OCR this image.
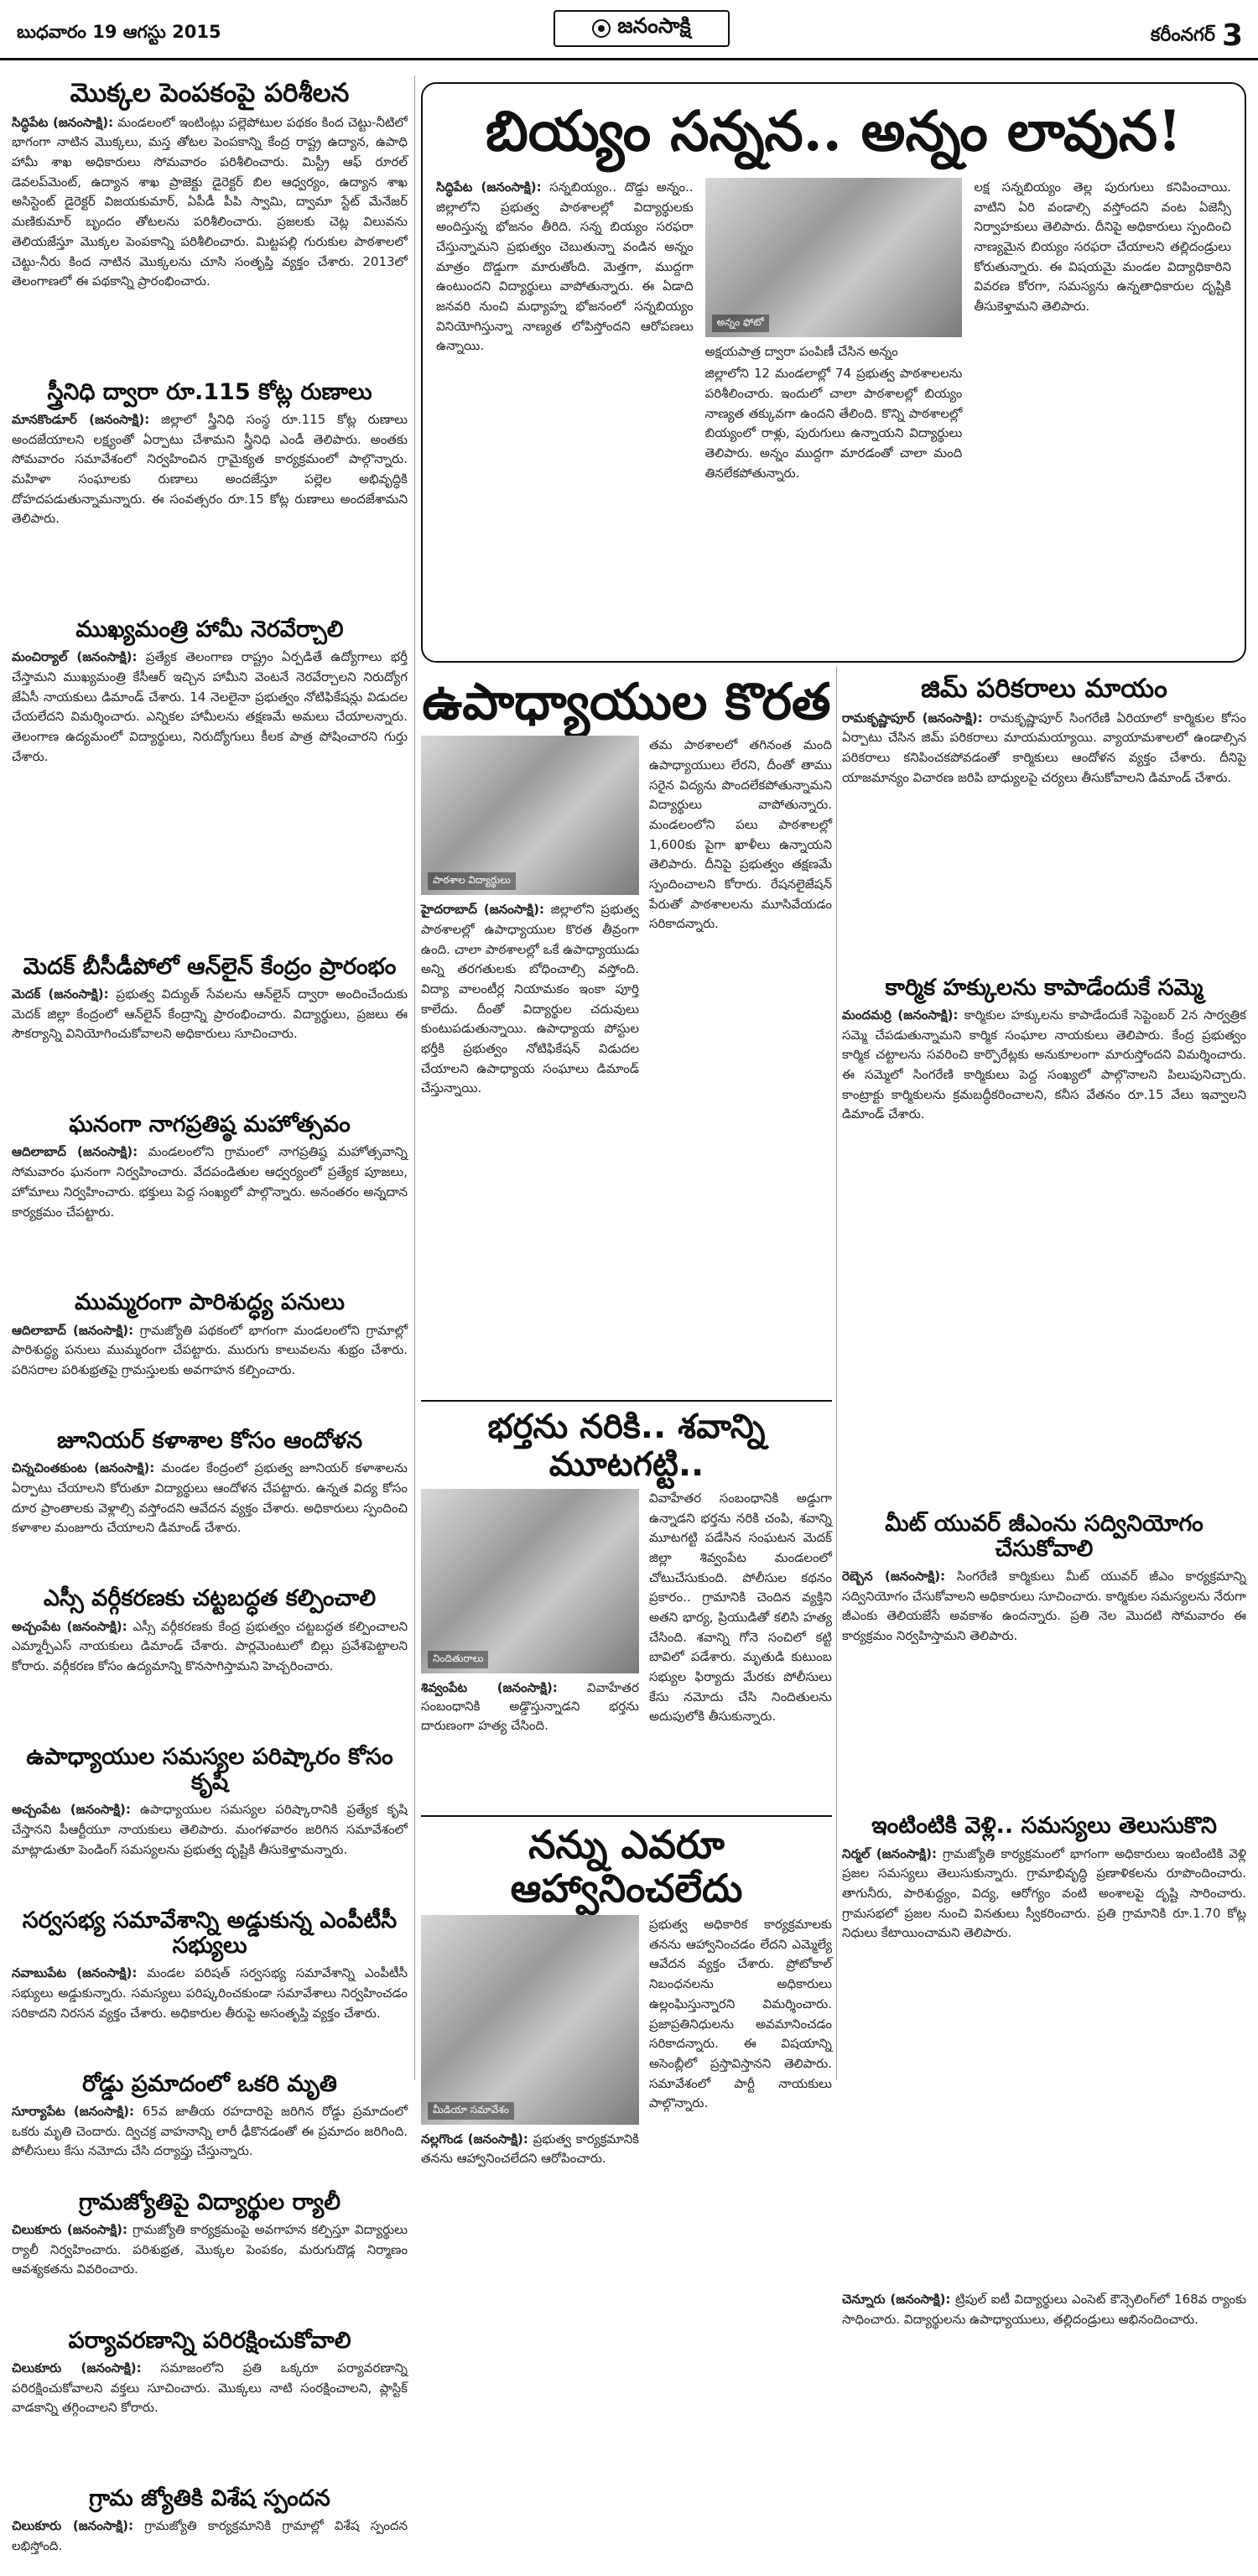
బుధవారం 19 ఆగస్టు 2015	జనంసాక్షి	కరీంనగర్ 3
మొక్కల పెంపకంపై పరిశీలన
సిద్ధిపేట (జనంసాక్షి): మండలంలో ఇంటింట్లు పల్లెపోటుల పథకం కింద చెట్టు-నీటిలో భాగంగా నాటిన మొక్కలు, మస్త తోటల పెంపకాన్ని కేంద్ర రాష్ట్ర ఉద్యాన, ఉపాధి హామీ శాఖ అధికారులు సోమవారం పరిశీలించారు. మిస్ట్రీ ఆఫ్ రూరల్ డెవలప్‌మెంట్, ఉద్యాన శాఖ ప్రాజెక్టు డైరెక్టర్ బిల ఆధ్వర్యం, ఉద్యాన శాఖ అసిస్టెంట్ డైరెక్టర్ విజయకుమార్, ఏపీడీ పీపి స్వామి, ద్వామా స్టేట్ మేనేజర్ మణికుమార్ బృందం తోటలను పరిశీలించారు. ప్రజలకు చెట్ల విలువను తెలియజేస్తూ మొక్కల పెంపకాన్ని పరిశీలించారు. మిట్టపల్లి గురుకుల పాఠశాలలో చెట్టు-నీరు కింద నాటిన మొక్కలను చూసి సంతృప్తి వ్యక్తం చేశారు. 2013లో తెలంగాణలో ఈ పథకాన్ని ప్రారంభించారు.
స్త్రీనిధి ద్వారా రూ.115 కోట్ల రుణాలు
మానకొండూర్ (జనంసాక్షి): జిల్లాలో స్త్రీనిధి సంస్థ రూ.115 కోట్ల రుణాలు అందజేయాలని లక్ష్యంతో ఏర్పాటు చేశామని స్త్రీనిధి ఎండీ తెలిపారు. అంతకు సోమవారం సమావేశంలో నిర్వహించిన గ్రామైక్యత కార్యక్రమంలో పాల్గొన్నారు. మహిళా సంఘాలకు రుణాలు అందజేస్తూ పల్లెల అభివృద్ధికి దోహదపడుతున్నామన్నారు. ఈ సంవత్సరం రూ.15 కోట్ల రుణాలు అందజేశామని తెలిపారు.
ముఖ్యమంత్రి హామీ నెరవేర్చాలి
మంచిర్యాల్ (జనంసాక్షి): ప్రత్యేక తెలంగాణ రాష్ట్రం ఏర్పడితే ఉద్యోగాలు భర్తీ చేస్తామని ముఖ్యమంత్రి కేసీఆర్ ఇచ్చిన హామీని వెంటనే నెరవేర్చాలని నిరుద్యోగ జేఏసీ నాయకులు డిమాండ్ చేశారు. 14 నెలలైనా ప్రభుత్వం నోటిఫికేషన్లు విడుదల చేయలేదని విమర్శించారు. ఎన్నికల హామీలను తక్షణమే అమలు చేయాలన్నారు. తెలంగాణ ఉద్యమంలో విద్యార్థులు, నిరుద్యోగులు కీలక పాత్ర పోషించారని గుర్తు చేశారు.
మెదక్ బీసీడీపోలో ఆన్‌లైన్ కేంద్రం ప్రారంభం
మెదక్ (జనంసాక్షి): ప్రభుత్వ విద్యుత్ సేవలను ఆన్‌లైన్ ద్వారా అందించేందుకు మెదక్ జిల్లా కేంద్రంలో ఆన్‌లైన్ కేంద్రాన్ని ప్రారంభించారు. విద్యార్థులు, ప్రజలు ఈ సౌకర్యాన్ని వినియోగించుకోవాలని అధికారులు సూచించారు.
ఘనంగా నాగప్రతిష్ఠ మహోత్సవం
ఆదిలాబాద్ (జనంసాక్షి): మండలంలోని గ్రామంలో నాగప్రతిష్ఠ మహోత్సవాన్ని సోమవారం ఘనంగా నిర్వహించారు. వేదపండితుల ఆధ్వర్యంలో ప్రత్యేక పూజలు, హోమాలు నిర్వహించారు. భక్తులు పెద్ద సంఖ్యలో పాల్గొన్నారు. అనంతరం అన్నదాన కార్యక్రమం చేపట్టారు.
ముమ్మరంగా పారిశుద్ధ్య పనులు
ఆదిలాబాద్ (జనంసాక్షి): గ్రామజ్యోతి పథకంలో భాగంగా మండలంలోని గ్రామాల్లో పారిశుద్ధ్య పనులు ముమ్మరంగా చేపట్టారు. మురుగు కాలువలను శుభ్రం చేశారు. పరిసరాల పరిశుభ్రతపై గ్రామస్తులకు అవగాహన కల్పించారు.
జూనియర్ కళాశాల కోసం ఆందోళన
చిన్నచింతకుంట (జనంసాక్షి): మండల కేంద్రంలో ప్రభుత్వ జూనియర్ కళాశాలను ఏర్పాటు చేయాలని కోరుతూ విద్యార్థులు ఆందోళన చేపట్టారు. ఉన్నత విద్య కోసం దూర ప్రాంతాలకు వెళ్లాల్సి వస్తోందని ఆవేదన వ్యక్తం చేశారు. అధికారులు స్పందించి కళాశాల మంజూరు చేయాలని డిమాండ్ చేశారు.
ఎస్సీ వర్గీకరణకు చట్టబద్ధత కల్పించాలి
అచ్చంపేట (జనంసాక్షి): ఎస్సీ వర్గీకరణకు కేంద్ర ప్రభుత్వం చట్టబద్ధత కల్పించాలని ఎమ్మార్పీఎస్ నాయకులు డిమాండ్ చేశారు. పార్లమెంటులో బిల్లు ప్రవేశపెట్టాలని కోరారు. వర్గీకరణ కోసం ఉద్యమాన్ని కొనసాగిస్తామని హెచ్చరించారు.
ఉపాధ్యాయుల సమస్యల పరిష్కారం కోసం కృషి
అచ్చంపేట (జనంసాక్షి): ఉపాధ్యాయుల సమస్యల పరిష్కారానికి ప్రత్యేక కృషి చేస్తానని పీఆర్టీయూ నాయకులు తెలిపారు. మంగళవారం జరిగిన సమావేశంలో మాట్లాడుతూ పెండింగ్ సమస్యలను ప్రభుత్వ దృష్టికి తీసుకెళ్తామన్నారు.
సర్వసభ్య సమావేశాన్ని అడ్డుకున్న ఎంపీటీసీ సభ్యులు
నవాబుపేట (జనంసాక్షి): మండల పరిషత్ సర్వసభ్య సమావేశాన్ని ఎంపీటీసీ సభ్యులు అడ్డుకున్నారు. సమస్యలు పరిష్కరించకుండా సమావేశాలు నిర్వహించడం సరికాదని నిరసన వ్యక్తం చేశారు. అధికారుల తీరుపై అసంతృప్తి వ్యక్తం చేశారు.
రోడ్డు ప్రమాదంలో ఒకరి మృతి
సూర్యాపేట (జనంసాక్షి): 65వ జాతీయ రహదారిపై జరిగిన రోడ్డు ప్రమాదంలో ఒకరు మృతి చెందారు. ద్విచక్ర వాహనాన్ని లారీ ఢీకొనడంతో ఈ ప్రమాదం జరిగింది. పోలీసులు కేసు నమోదు చేసి దర్యాప్తు చేస్తున్నారు.
గ్రామజ్యోతిపై విద్యార్థుల ర్యాలీ
చిలుకూరు (జనంసాక్షి): గ్రామజ్యోతి కార్యక్రమంపై అవగాహన కల్పిస్తూ విద్యార్థులు ర్యాలీ నిర్వహించారు. పరిశుభ్రత, మొక్కల పెంపకం, మరుగుదొడ్ల నిర్మాణం ఆవశ్యకతను వివరించారు.
పర్యావరణాన్ని పరిరక్షించుకోవాలి
చిలుకూరు (జనంసాక్షి): సమాజంలోని ప్రతి ఒక్కరూ పర్యావరణాన్ని పరిరక్షించుకోవాలని వక్తలు సూచించారు. మొక్కలు నాటి సంరక్షించాలని, ప్లాస్టిక్ వాడకాన్ని తగ్గించాలని కోరారు.
గ్రామ జ్యోతికి విశేష స్పందన
చిలుకూరు (జనంసాక్షి): గ్రామజ్యోతి కార్యక్రమానికి గ్రామాల్లో విశేష స్పందన లభిస్తోంది.
బియ్యం సన్నన.. అన్నం లావున!
సిద్ధిపేట (జనంసాక్షి): సన్నబియ్యం.. దొడ్డు అన్నం.. జిల్లాలోని ప్రభుత్వ పాఠశాలల్లో విద్యార్థులకు అందిస్తున్న భోజనం తీరిది. సన్న బియ్యం సరఫరా చేస్తున్నామని ప్రభుత్వం చెబుతున్నా వండిన అన్నం మాత్రం దొడ్డుగా మారుతోంది. మెత్తగా, ముద్దగా ఉంటుందని విద్యార్థులు వాపోతున్నారు. ఈ ఏడాది జనవరి నుంచి మధ్యాహ్న భోజనంలో సన్నబియ్యం వినియోగిస్తున్నా నాణ్యత లోపిస్తోందని ఆరోపణలు ఉన్నాయి.
అన్నం ఫోటో
అక్షయపాత్ర ద్వారా పంపిణీ చేసిన అన్నం
జిల్లాలోని 12 మండలాల్లో 74 ప్రభుత్వ పాఠశాలలను పరిశీలించారు. ఇందులో చాలా పాఠశాలల్లో బియ్యం నాణ్యత తక్కువగా ఉందని తేలింది. కొన్ని పాఠశాలల్లో బియ్యంలో రాళ్లు, పురుగులు ఉన్నాయని విద్యార్థులు తెలిపారు. అన్నం ముద్దగా మారడంతో చాలా మంది తినలేకపోతున్నారు.
లక్ష సన్నబియ్యం తెల్ల పురుగులు కనిపించాయి. వాటిని ఏరి వండాల్సి వస్తోందని వంట ఏజెన్సీ నిర్వాహకులు తెలిపారు. దీనిపై అధికారులు స్పందించి నాణ్యమైన బియ్యం సరఫరా చేయాలని తల్లిదండ్రులు కోరుతున్నారు. ఈ విషయమై మండల విద్యాధికారిని వివరణ కోరగా, సమస్యను ఉన్నతాధికారుల దృష్టికి తీసుకెళ్తామని తెలిపారు.
ఉపాధ్యాయుల కొరత
పాఠశాల విద్యార్థులు
హైదరాబాద్ (జనంసాక్షి): జిల్లాలోని ప్రభుత్వ పాఠశాలల్లో ఉపాధ్యాయుల కొరత తీవ్రంగా ఉంది. చాలా పాఠశాలల్లో ఒకే ఉపాధ్యాయుడు అన్ని తరగతులకు బోధించాల్సి వస్తోంది. విద్యా వాలంటీర్ల నియామకం ఇంకా పూర్తి కాలేదు. దీంతో విద్యార్థుల చదువులు కుంటుపడుతున్నాయి. ఉపాధ్యాయ పోస్టుల భర్తీకి ప్రభుత్వం నోటిఫికేషన్ విడుదల చేయాలని ఉపాధ్యాయ సంఘాలు డిమాండ్ చేస్తున్నాయి.
తమ పాఠశాలలో తగినంత మంది ఉపాధ్యాయులు లేరని, దీంతో తాము సరైన విద్యను పొందలేకపోతున్నామని విద్యార్థులు వాపోతున్నారు. మండలంలోని పలు పాఠశాలల్లో 1,600కు పైగా ఖాళీలు ఉన్నాయని తెలిపారు. దీనిపై ప్రభుత్వం తక్షణమే స్పందించాలని కోరారు. రేషనలైజేషన్ పేరుతో పాఠశాలలను మూసివేయడం సరికాదన్నారు.
భర్తను నరికి.. శవాన్ని మూటగట్టి..
నిందితురాలు
శివ్వంపేట (జనంసాక్షి): వివాహేతర సంబంధానికి అడ్డొస్తున్నాడని భర్తను దారుణంగా హత్య చేసింది.
వివాహేతర సంబంధానికి అడ్డుగా ఉన్నాడని భర్తను నరికి చంపి, శవాన్ని మూటగట్టి పడేసిన సంఘటన మెదక్ జిల్లా శివ్వంపేట మండలంలో చోటుచేసుకుంది. పోలీసుల కథనం ప్రకారం.. గ్రామానికి చెందిన వ్యక్తిని అతని భార్య, ప్రియుడితో కలిసి హత్య చేసింది. శవాన్ని గోనె సంచిలో కట్టి బావిలో పడేశారు. మృతుడి కుటుంబ సభ్యుల ఫిర్యాదు మేరకు పోలీసులు కేసు నమోదు చేసి నిందితులను అదుపులోకి తీసుకున్నారు.
నన్ను ఎవరూ ఆహ్వానించలేదు
మీడియా సమావేశం
నల్లగొండ (జనంసాక్షి): ప్రభుత్వ కార్యక్రమానికి తనను ఆహ్వానించలేదని ఆరోపించారు.
ప్రభుత్వ అధికారిక కార్యక్రమాలకు తనను ఆహ్వానించడం లేదని ఎమ్మెల్యే ఆవేదన వ్యక్తం చేశారు. ప్రోటోకాల్ నిబంధనలను అధికారులు ఉల్లంఘిస్తున్నారని విమర్శించారు. ప్రజాప్రతినిధులను అవమానించడం సరికాదన్నారు. ఈ విషయాన్ని అసెంబ్లీలో ప్రస్తావిస్తానని తెలిపారు. సమావేశంలో పార్టీ నాయకులు పాల్గొన్నారు.
జిమ్ పరికరాలు మాయం
రామకృష్ణాపూర్ (జనంసాక్షి): రామకృష్ణాపూర్ సింగరేణి ఏరియాలో కార్మికుల కోసం ఏర్పాటు చేసిన జిమ్ పరికరాలు మాయమయ్యాయి. వ్యాయామశాలలో ఉండాల్సిన పరికరాలు కనిపించకపోవడంతో కార్మికులు ఆందోళన వ్యక్తం చేశారు. దీనిపై యాజమాన్యం విచారణ జరిపి బాధ్యులపై చర్యలు తీసుకోవాలని డిమాండ్ చేశారు.
కార్మిక హక్కులను కాపాడేందుకే సమ్మె
మందమర్రి (జనంసాక్షి): కార్మికుల హక్కులను కాపాడేందుకే సెప్టెంబర్ 2న సార్వత్రిక సమ్మె చేపడుతున్నామని కార్మిక సంఘాల నాయకులు తెలిపారు. కేంద్ర ప్రభుత్వం కార్మిక చట్టాలను సవరించి కార్పొరేట్లకు అనుకూలంగా మారుస్తోందని విమర్శించారు. ఈ సమ్మెలో సింగరేణి కార్మికులు పెద్ద సంఖ్యలో పాల్గొనాలని పిలుపునిచ్చారు. కాంట్రాక్టు కార్మికులను క్రమబద్ధీకరించాలని, కనీస వేతనం రూ.15 వేలు ఇవ్వాలని డిమాండ్ చేశారు.
మీట్ యువర్ జీఎంను సద్వినియోగం చేసుకోవాలి
రెబ్బెన (జనంసాక్షి): సింగరేణి కార్మికులు మీట్ యువర్ జీఎం కార్యక్రమాన్ని సద్వినియోగం చేసుకోవాలని అధికారులు సూచించారు. కార్మికుల సమస్యలను నేరుగా జీఎంకు తెలియజేసే అవకాశం ఉందన్నారు. ప్రతి నెల మొదటి సోమవారం ఈ కార్యక్రమం నిర్వహిస్తామని తెలిపారు.
ఇంటింటికి వెళ్లి.. సమస్యలు తెలుసుకొని
నిర్మల్ (జనంసాక్షి): గ్రామజ్యోతి కార్యక్రమంలో భాగంగా అధికారులు ఇంటింటికి వెళ్లి ప్రజల సమస్యలు తెలుసుకున్నారు. గ్రామాభివృద్ధి ప్రణాళికలను రూపొందించారు. తాగునీరు, పారిశుద్ధ్యం, విద్య, ఆరోగ్యం వంటి అంశాలపై దృష్టి సారించారు. గ్రామసభలో ప్రజల నుంచి వినతులు స్వీకరించారు. ప్రతి గ్రామానికి రూ.1.70 కోట్ల నిధులు కేటాయించామని తెలిపారు.
చెన్నూరు (జనంసాక్షి): ట్రిపుల్ ఐటీ విద్యార్థులు ఎంసెట్ కౌన్సెలింగ్‌లో 168వ ర్యాంకు సాధించారు. విద్యార్థులను ఉపాధ్యాయులు, తల్లిదండ్రులు అభినందించారు.
